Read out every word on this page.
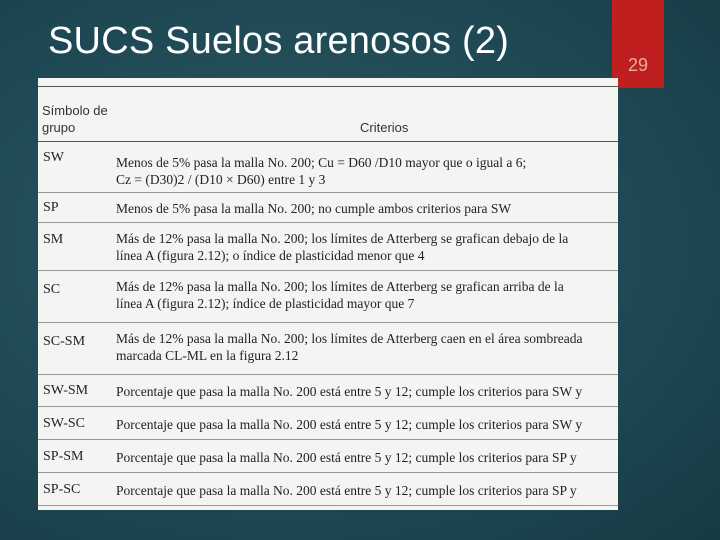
SUCS Suelos arenosos (2)
29
Símbolo de grupo	Criterios
SW	Menos de 5% pasa la malla No. 200; Cu = D60 /D10 mayor que o igual a 6;
Cz = (D30)2 / (D10 × D60) entre 1 y 3
SP	Menos de 5% pasa la malla No. 200; no cumple ambos criterios para SW
SM	Más de 12% pasa la malla No. 200; los límites de Atterberg se grafican debajo de la
línea A (figura 2.12); o índice de plasticidad menor que 4
SC	Más de 12% pasa la malla No. 200; los límites de Atterberg se grafican arriba de la
línea A (figura 2.12); índice de plasticidad mayor que 7
SC-SM Más de 12% pasa la malla No. 200; los límites de Atterberg caen en el área sombreada
marcada CL-ML en la figura 2.12
SW-SM Porcentaje que pasa la malla No. 200 está entre 5 y 12; cumple los criterios para SW y
SW-SC Porcentaje que pasa la malla No. 200 está entre 5 y 12; cumple los criterios para SW y
SP-SM Porcentaje que pasa la malla No. 200 está entre 5 y 12; cumple los criterios para SP y
SP-SC	Porcentaje que pasa la malla No. 200 está entre 5 y 12; cumple los criterios para SP y
